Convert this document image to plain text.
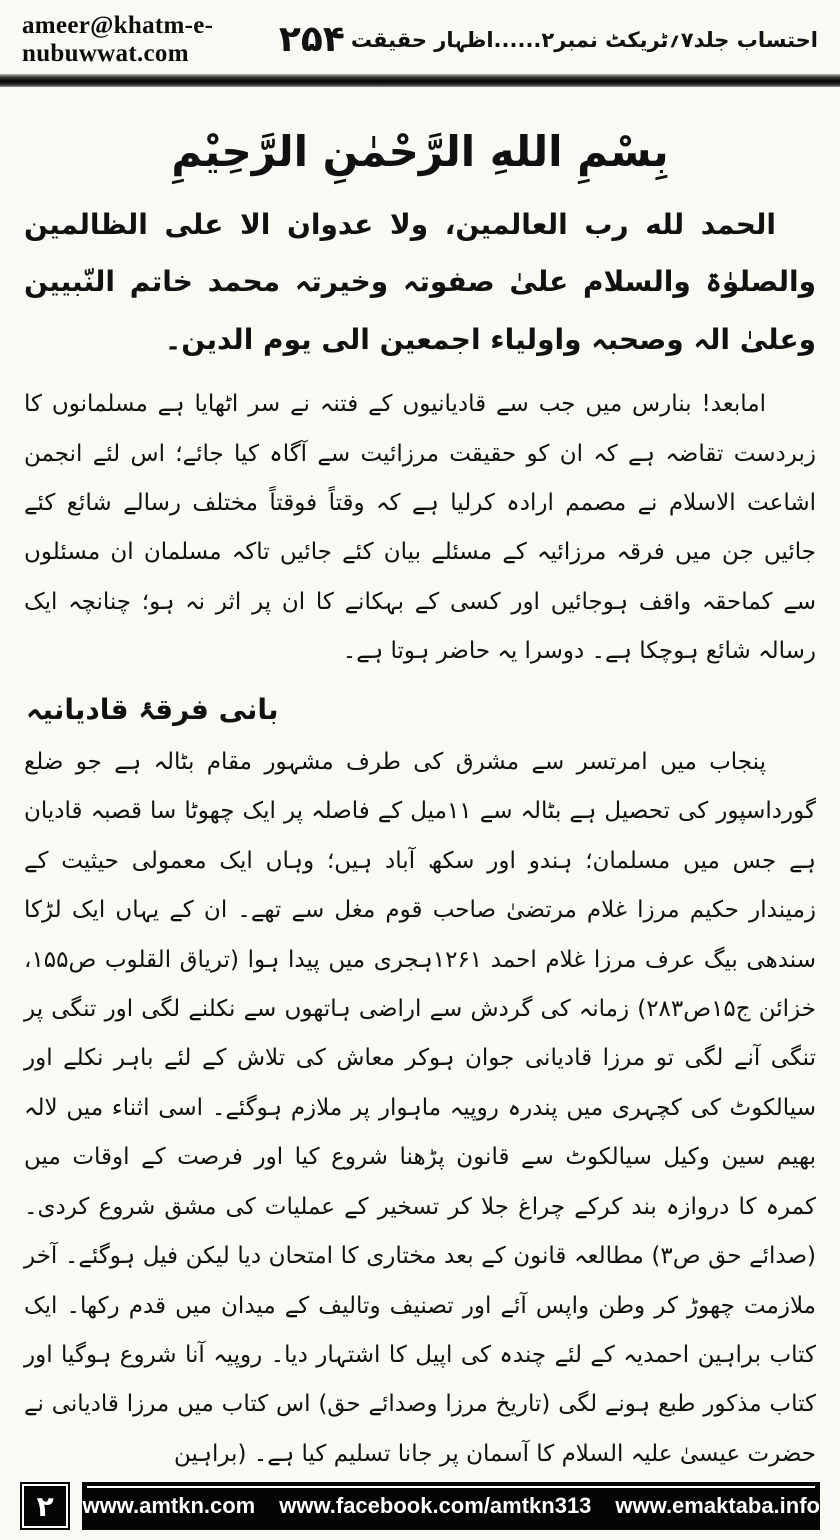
ameer@khatm-e-nubuwwat.com	۲۵۴ احتساب جلد۷؍ٹریکٹ نمبر۲......اظہار حقیقت
بِسْمِ اللهِ الرَّحْمٰنِ الرَّحِیْمِ
الحمد لله رب العالمین، ولا عدوان الا علی الظالمین والصلوٰۃ والسلام علیٰ صفوتہ وخیرتہ محمد خاتم النّبیین وعلیٰ الہ وصحبہ واولیاء اجمعین الی یوم الدین۔
امابعد! بنارس میں جب سے قادیانیوں کے فتنہ نے سر اٹھایا ہے مسلمانوں کا زبردست تقاضہ ہے کہ ان کو حقیقت مرزائیت سے آگاہ کیا جائے؛ اس لئے انجمن اشاعت الاسلام نے مصمم ارادہ کرلیا ہے کہ وقتاً فوقتاً مختلف رسالے شائع کئے جائیں جن میں فرقہ مرزائیہ کے مسئلے بیان کئے جائیں تاکہ مسلمان ان مسئلوں سے کماحقہ واقف ہوجائیں اور کسی کے بہکانے کا ان پر اثر نہ ہو؛ چنانچہ ایک رسالہ شائع ہوچکا ہے۔ دوسرا یہ حاضر ہوتا ہے۔
بانی فرقۂ قادیانیہ
پنجاب میں امرتسر سے مشرق کی طرف مشہور مقام بٹالہ ہے جو ضلع گورداسپور کی تحصیل ہے بٹالہ سے ۱۱میل کے فاصلہ پر ایک چھوٹا سا قصبہ قادیان ہے جس میں مسلمان؛ ہندو اور سکھ آباد ہیں؛ وہاں ایک معمولی حیثیت کے زمیندار حکیم مرزا غلام مرتضیٰ صاحب قوم مغل سے تھے۔ ان کے یہاں ایک لڑکا سندھی بیگ عرف مرزا غلام احمد ۱۲۶۱ہجری میں پیدا ہوا (تریاق القلوب ص۱۵۵، خزائن ج۱۵ص۲۸۳) زمانہ کی گردش سے اراضی ہاتھوں سے نکلنے لگی اور تنگی پر تنگی آنے لگی تو مرزا قادیانی جوان ہوکر معاش کی تلاش کے لئے باہر نکلے اور سیالکوٹ کی کچہری میں پندرہ روپیہ ماہوار پر ملازم ہوگئے۔ اسی اثناء میں لالہ بھیم سین وکیل سیالکوٹ سے قانون پڑھنا شروع کیا اور فرصت کے اوقات میں کمرہ کا دروازہ بند کرکے چراغ جلا کر تسخیر کے عملیات کی مشق شروع کردی۔ (صدائے حق ص۳) مطالعہ قانون کے بعد مختاری کا امتحان دیا لیکن فیل ہوگئے۔ آخر ملازمت چھوڑ کر وطن واپس آئے اور تصنیف وتالیف کے میدان میں قدم رکھا۔ ایک کتاب براہین احمدیہ کے لئے چندہ کی اپیل کا اشتہار دیا۔ روپیہ آنا شروع ہوگیا اور کتاب مذکور طبع ہونے لگی (تاریخ مرزا وصدائے حق) اس کتاب میں مرزا قادیانی نے حضرت عیسیٰ علیہ السلام کا آسمان پر جانا تسلیم کیا ہے۔ (براہین
۲	www.amtkn.com www.facebook.com/amtkn313 www.emaktaba.info
